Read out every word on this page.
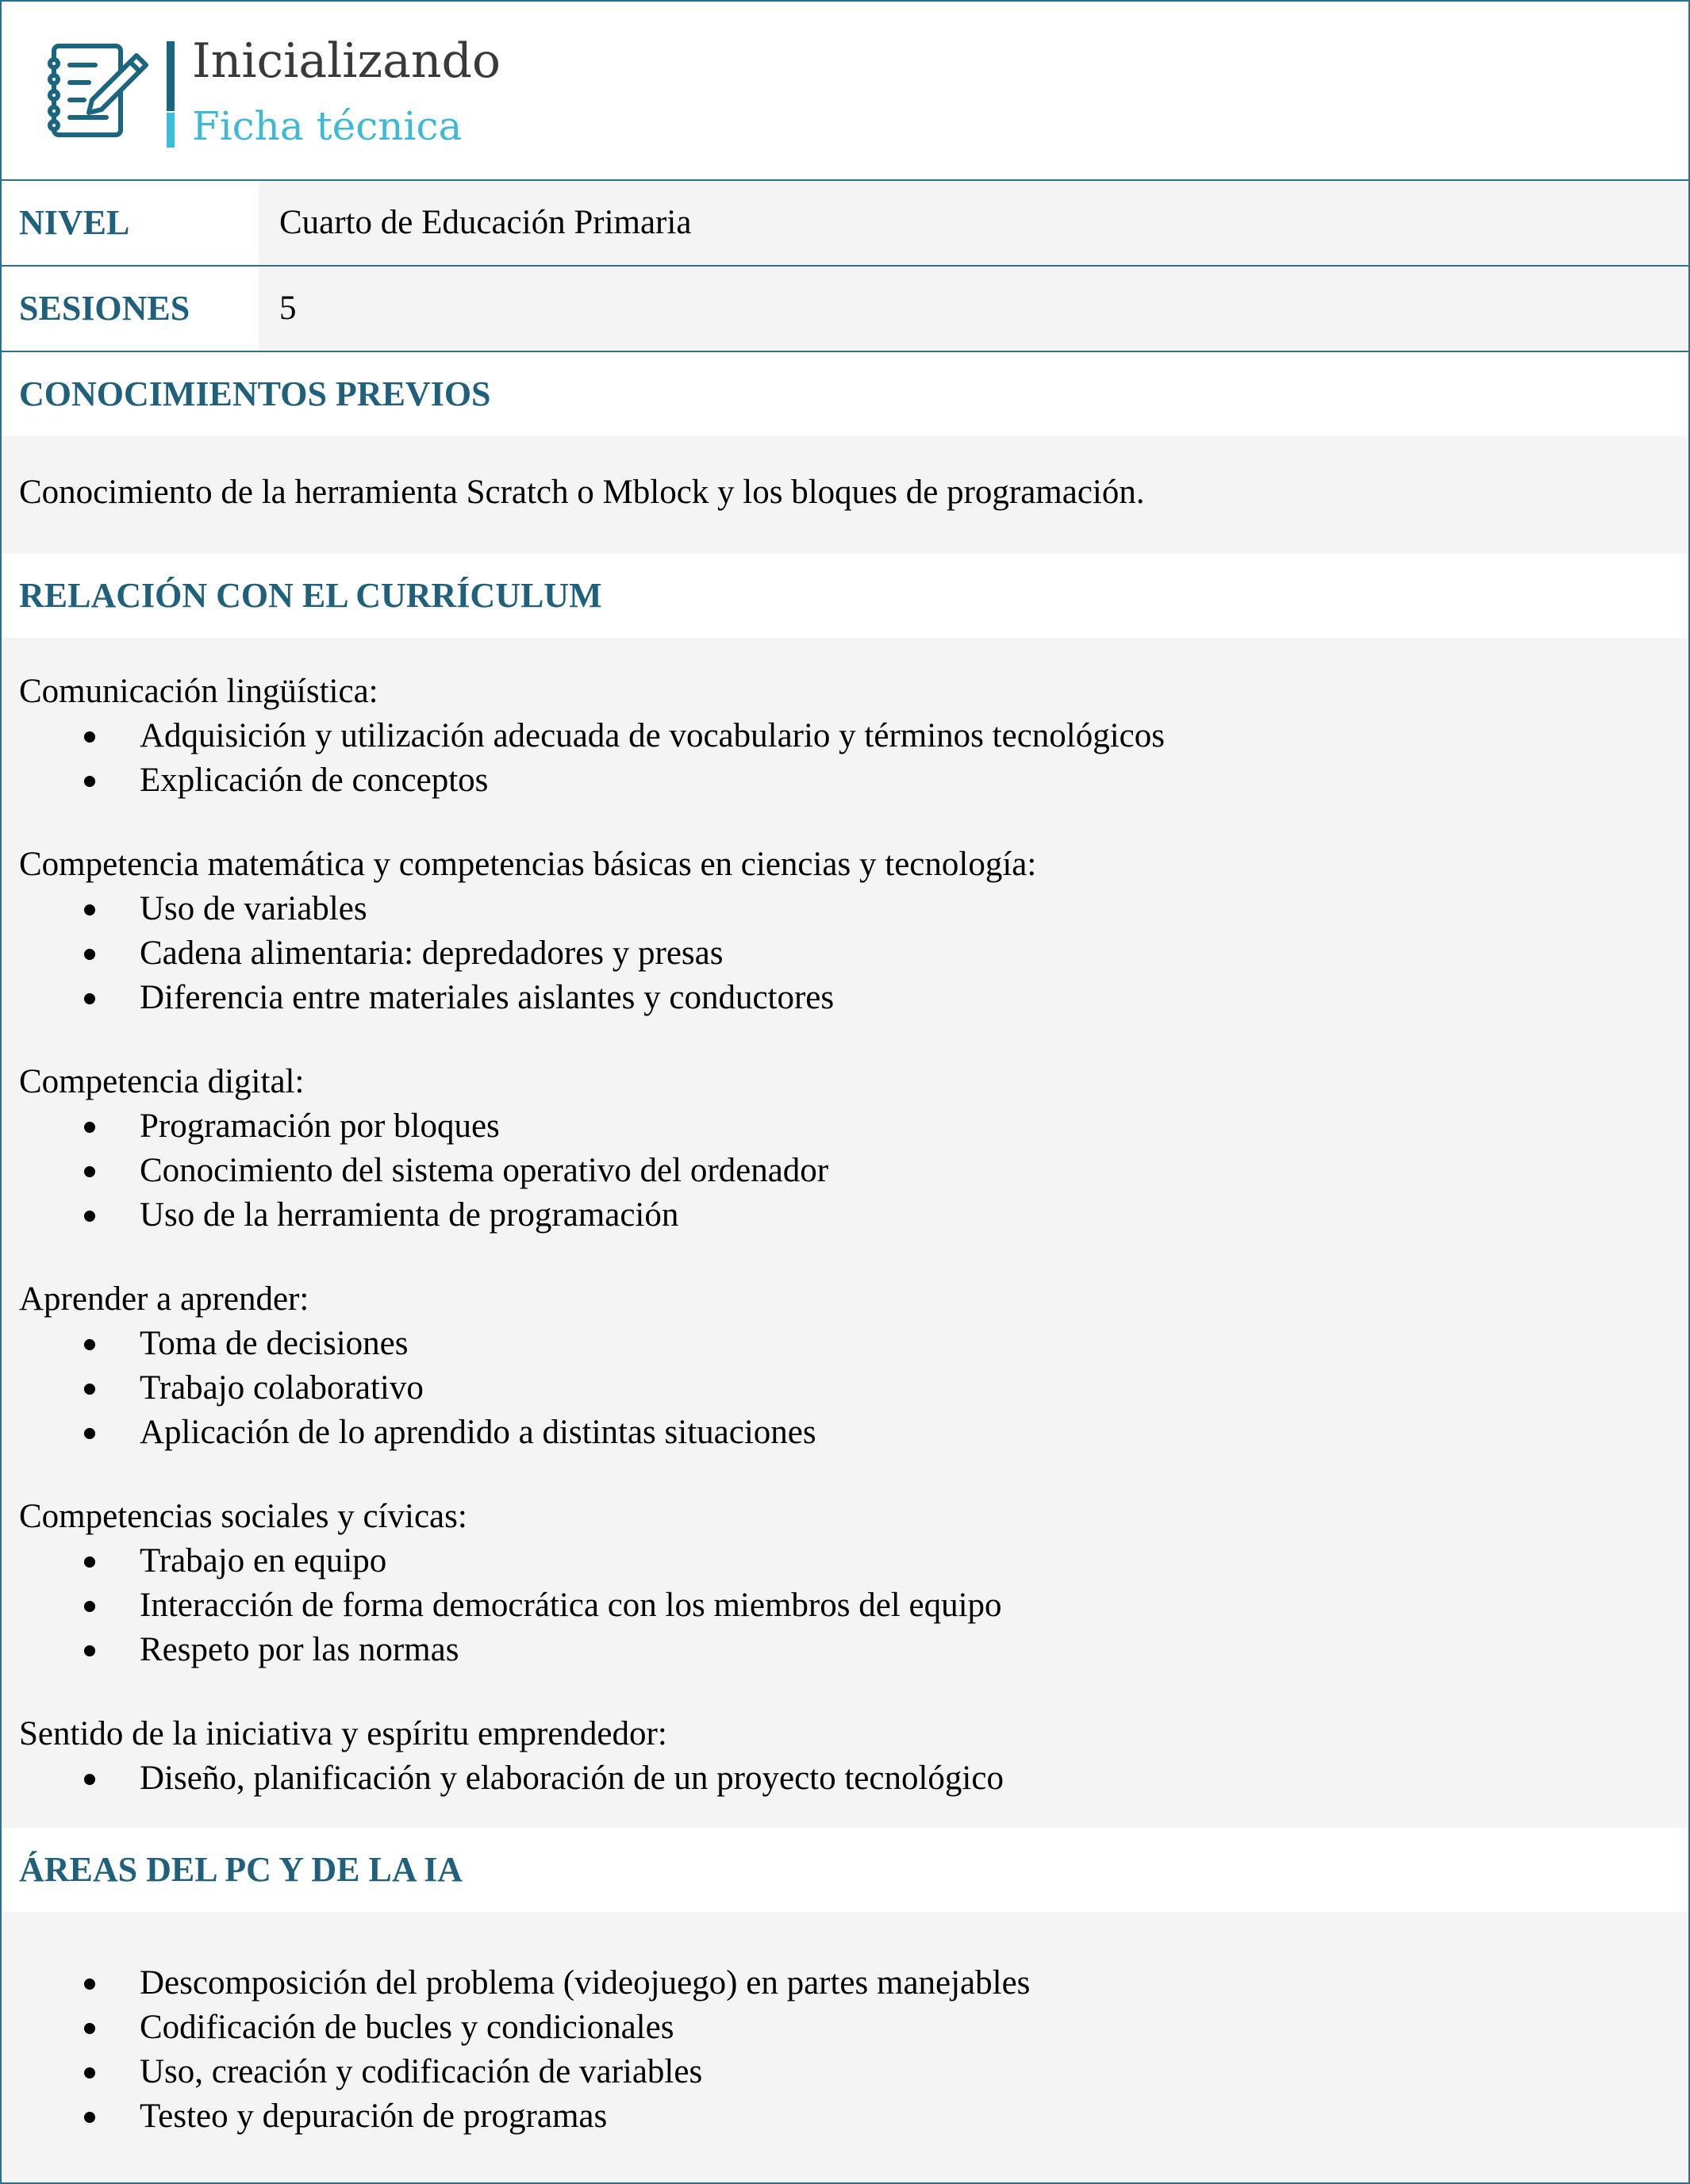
Inicializando
Ficha técnica
NIVEL	Cuarto de Educación Primaria
SESIONES	5
CONOCIMIENTOS PREVIOS
Conocimiento de la herramienta Scratch o Mblock y los bloques de programación.
RELACIÓN CON EL CURRÍCULUM
Comunicación lingüística:
Adquisición y utilización adecuada de vocabulario y términos tecnológicos
Explicación de conceptos
Competencia matemática y competencias básicas en ciencias y tecnología:
Uso de variables
Cadena alimentaria: depredadores y presas
Diferencia entre materiales aislantes y conductores
Competencia digital:
Programación por bloques
Conocimiento del sistema operativo del ordenador
Uso de la herramienta de programación
Aprender a aprender:
Toma de decisiones
Trabajo colaborativo
Aplicación de lo aprendido a distintas situaciones
Competencias sociales y cívicas:
Trabajo en equipo
Interacción de forma democrática con los miembros del equipo
Respeto por las normas
Sentido de la iniciativa y espíritu emprendedor:
Diseño, planificación y elaboración de un proyecto tecnológico
ÁREAS DEL PC Y DE LA IA
Descomposición del problema (videojuego) en partes manejables
Codificación de bucles y condicionales
Uso, creación y codificación de variables
Testeo y depuración de programas
